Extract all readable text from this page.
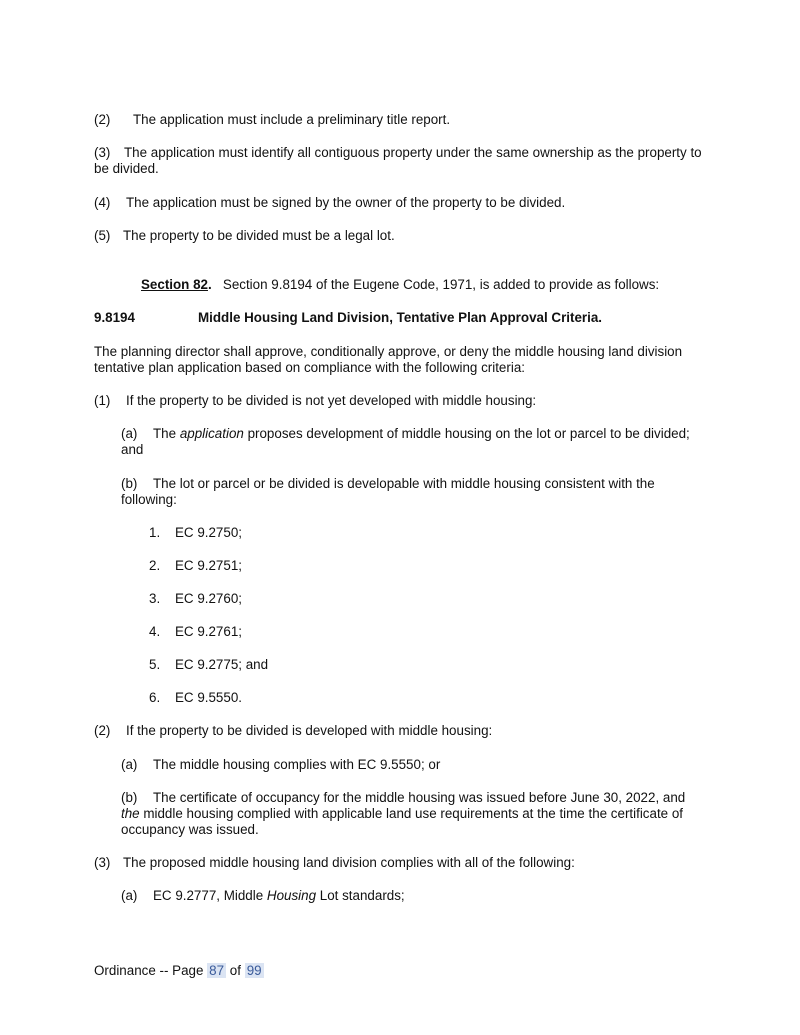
(2) The application must include a preliminary title report.

(3) The application must identify all contiguous property under the same ownership as the property to be divided.

(4) The application must be signed by the owner of the property to be divided.

(5) The property to be divided must be a legal lot.

Section 82. Section 9.8194 of the Eugene Code, 1971, is added to provide as follows:

9.8194	Middle Housing Land Division, Tentative Plan Approval Criteria.

The planning director shall approve, conditionally approve, or deny the middle housing land division tentative plan application based on compliance with the following criteria:

(1) If the property to be divided is not yet developed with middle housing:

(a) The application proposes development of middle housing on the lot or parcel to be divided; and

(b) The lot or parcel or be divided is developable with middle housing consistent with the following:

1. EC 9.2750;

2. EC 9.2751;

3. EC 9.2760;

4. EC 9.2761;

5. EC 9.2775; and

6. EC 9.5550.

(2) If the property to be divided is developed with middle housing:

(a) The middle housing complies with EC 9.5550; or

(b) The certificate of occupancy for the middle housing was issued before June 30, 2022, and the middle housing complied with applicable land use requirements at the time the certificate of occupancy was issued.

(3) The proposed middle housing land division complies with all of the following:

(a) EC 9.2777, Middle Housing Lot standards;

Ordinance -- Page 87 of 99
